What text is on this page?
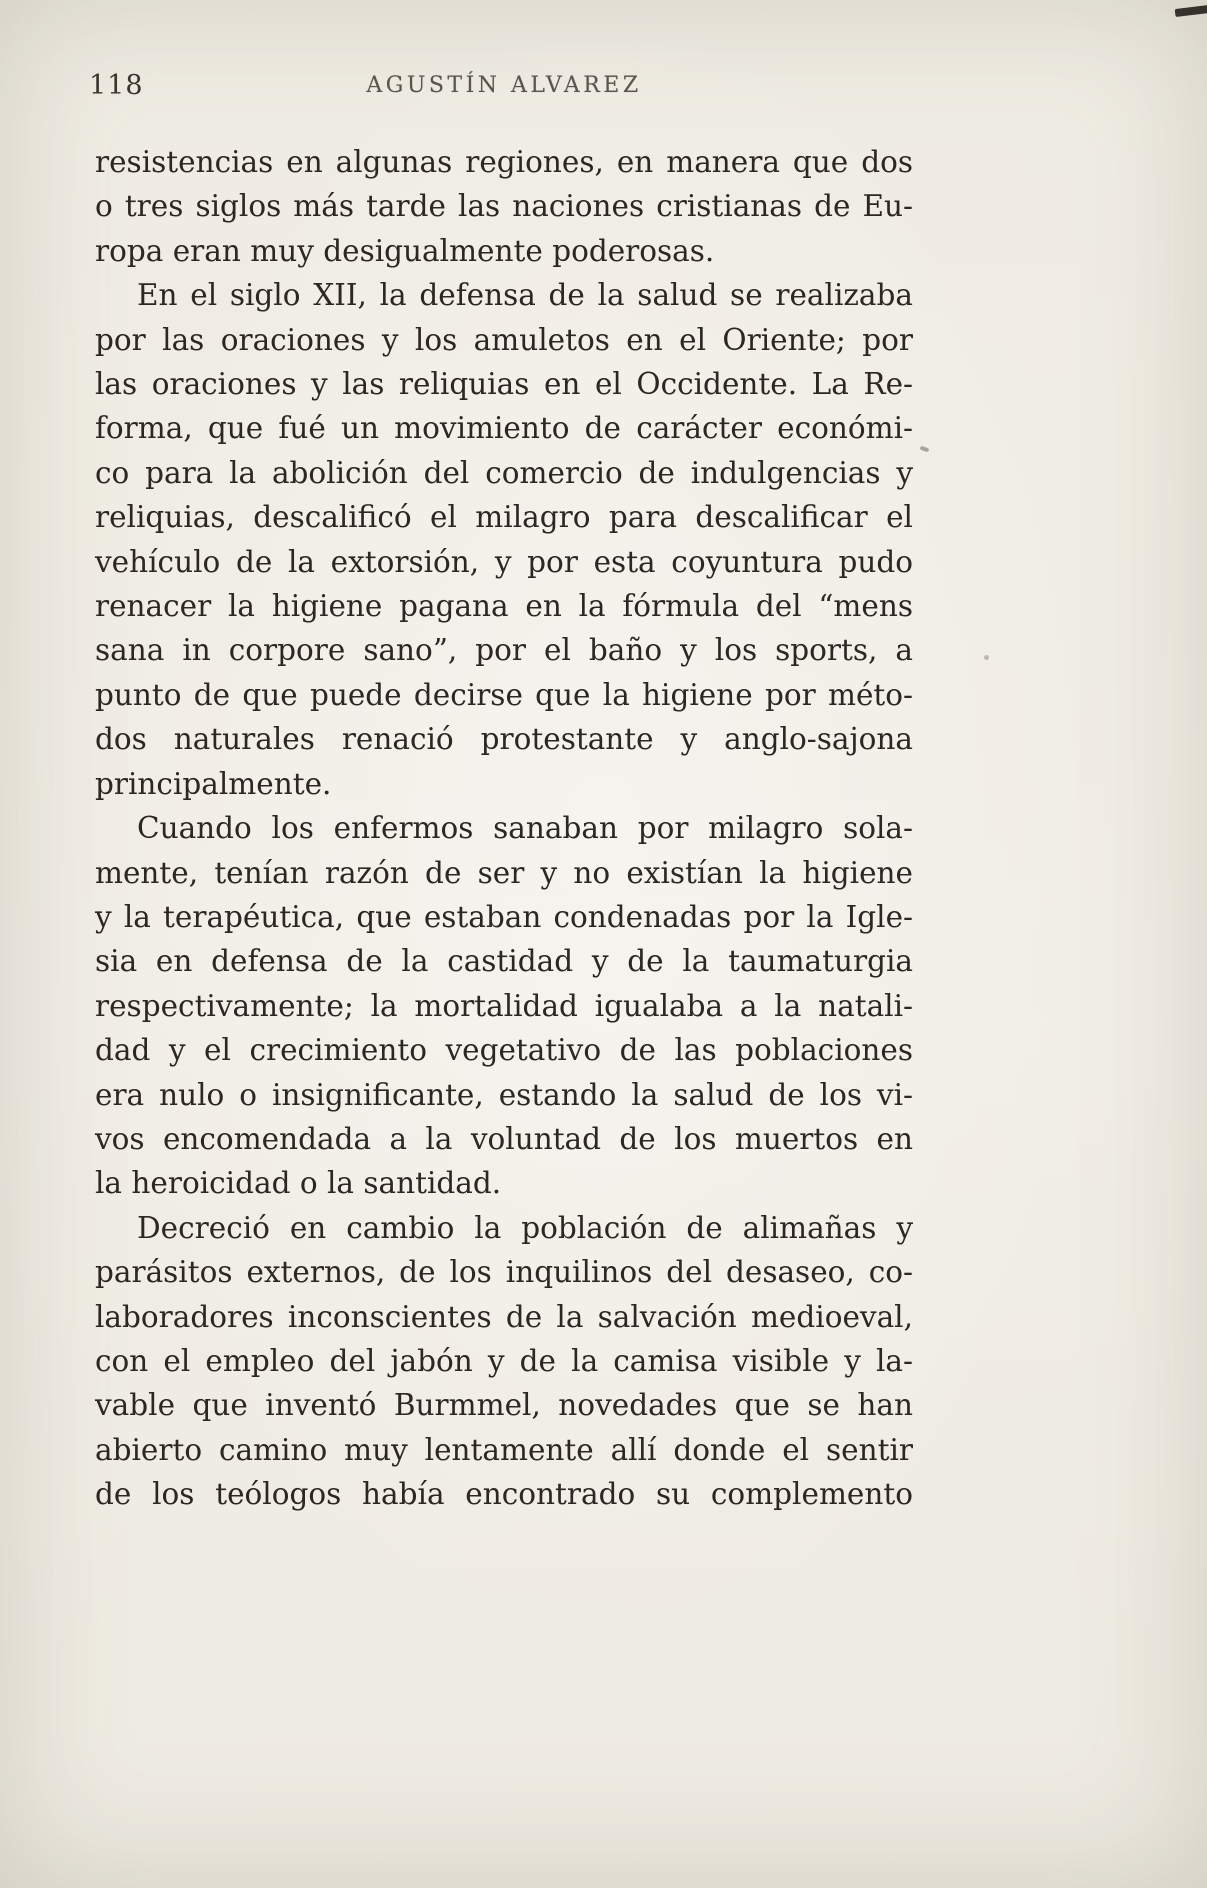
118	AGUSTÍN ALVAREZ
resistencias en algunas regiones, en manera que dos
o tres siglos más tarde las naciones cristianas de Eu-
ropa eran muy desigualmente poderosas.
En el siglo XII, la defensa de la salud se realizaba
por las oraciones y los amuletos en el Oriente; por
las oraciones y las reliquias en el Occidente. La Re-
forma, que fué un movimiento de carácter económi-
co para la abolición del comercio de indulgencias y
reliquias, descalificó el milagro para descalificar el
vehículo de la extorsión, y por esta coyuntura pudo
renacer la higiene pagana en la fórmula del “mens
sana in corpore sano”, por el baño y los sports, a
punto de que puede decirse que la higiene por méto-
dos naturales renació protestante y anglo-sajona
principalmente.
Cuando los enfermos sanaban por milagro sola-
mente, tenían razón de ser y no existían la higiene
y la terapéutica, que estaban condenadas por la Igle-
sia en defensa de la castidad y de la taumaturgia
respectivamente; la mortalidad igualaba a la natali-
dad y el crecimiento vegetativo de las poblaciones
era nulo o insignificante, estando la salud de los vi-
vos encomendada a la voluntad de los muertos en
la heroicidad o la santidad.
Decreció en cambio la población de alimañas y
parásitos externos, de los inquilinos del desaseo, co-
laboradores inconscientes de la salvación medioeval,
con el empleo del jabón y de la camisa visible y la-
vable que inventó Burmmel, novedades que se han
abierto camino muy lentamente allí donde el sentir
de los teólogos había encontrado su complemento
